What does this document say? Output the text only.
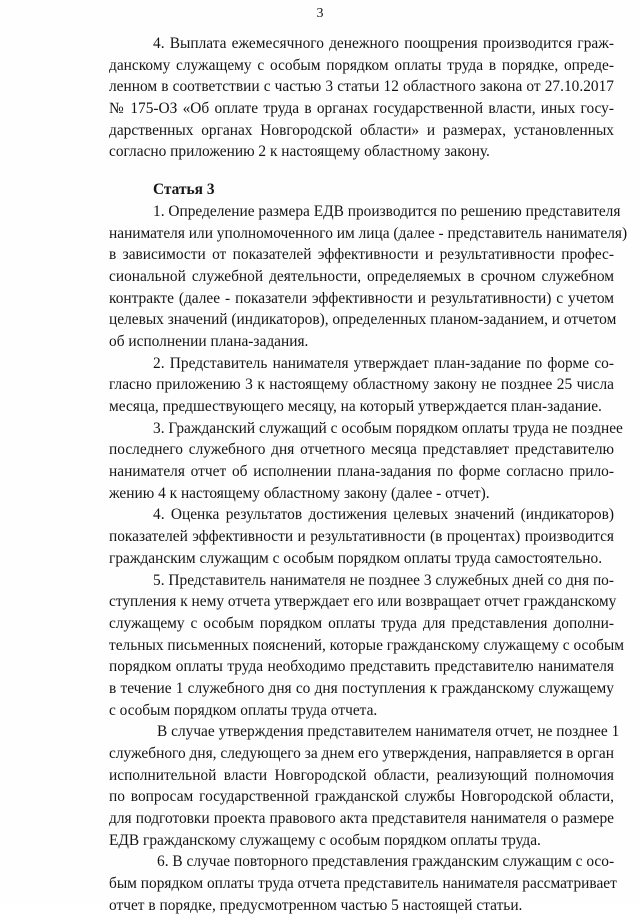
3
4. Выплата ежемесячного денежного поощрения производится граж-
данскому служащему с особым порядком оплаты труда в порядке, опреде-
ленном в соответствии с частью 3 статьи 12 областного закона от 27.10.2017
№ 175-ОЗ «Об оплате труда в органах государственной власти, иных госу-
дарственных органах Новгородской области» и размерах, установленных
согласно приложению 2 к настоящему областному закону.
Статья 3
1. Определение размера ЕДВ производится по решению представителя
нанимателя или уполномоченного им лица (далее - представитель нанимателя)
в зависимости от показателей эффективности и результативности профес-
сиональной служебной деятельности, определяемых в срочном служебном
контракте (далее - показатели эффективности и результативности) с учетом
целевых значений (индикаторов), определенных планом-заданием, и отчетом
об исполнении плана-задания.
2. Представитель нанимателя утверждает план-задание по форме со-
гласно приложению 3 к настоящему областному закону не позднее 25 числа
месяца, предшествующего месяцу, на который утверждается план-задание.
3. Гражданский служащий с особым порядком оплаты труда не позднее
последнего служебного дня отчетного месяца представляет представителю
нанимателя отчет об исполнении плана-задания по форме согласно прило-
жению 4 к настоящему областному закону (далее - отчет).
4. Оценка результатов достижения целевых значений (индикаторов)
показателей эффективности и результативности (в процентах) производится
гражданским служащим с особым порядком оплаты труда самостоятельно.
5. Представитель нанимателя не позднее 3 служебных дней со дня по-
ступления к нему отчета утверждает его или возвращает отчет гражданскому
служащему с особым порядком оплаты труда для представления дополни-
тельных письменных пояснений, которые гражданскому служащему с особым
порядком оплаты труда необходимо представить представителю нанимателя
в течение 1 служебного дня со дня поступления к гражданскому служащему
с особым порядком оплаты труда отчета.
В случае утверждения представителем нанимателя отчет, не позднее 1
служебного дня, следующего за днем его утверждения, направляется в орган
исполнительной власти Новгородской области, реализующий полномочия
по вопросам государственной гражданской службы Новгородской области,
для подготовки проекта правового акта представителя нанимателя о размере
ЕДВ гражданскому служащему с особым порядком оплаты труда.
6. В случае повторного представления гражданским служащим с осо-
бым порядком оплаты труда отчета представитель нанимателя рассматривает
отчет в порядке, предусмотренном частью 5 настоящей статьи.
